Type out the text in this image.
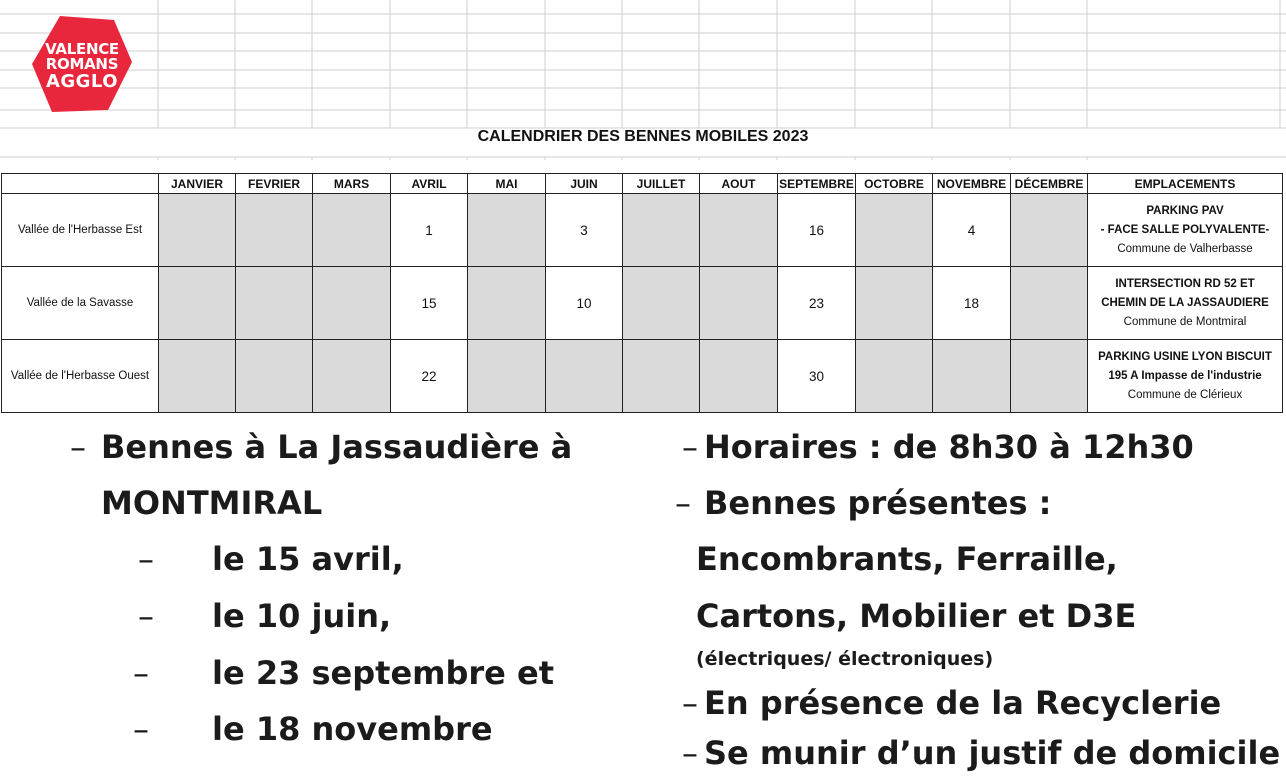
VALENCE
ROMANS
AGGLO
CALENDRIER DES BENNES MOBILES 2023
	JANVIER	FEVRIER	MARS	AVRIL	MAI	JUIN	JUILLET	AOUT	SEPTEMBRE	OCTOBRE	NOVEMBRE	DÉCEMBRE	EMPLACEMENTS
Vallée de l'Herbasse Est				1		3			16		4		PARKING PAV
- FACE SALLE POLYVALENTE-
Commune de Valherbasse

Vallée de la Savasse				15		10			23		18		INTERSECTION RD 52 ET
CHEMIN DE LA JASSAUDIERE
Commune de Montmiral

Vallée de l'Herbasse Ouest				22					30				PARKING USINE LYON BISCUIT
195 A Impasse de l'industrie
Commune de Clérieux
– Bennes à La Jassaudière à
MONTMIRAL
– le 15 avril,
– le 10 juin,
– le 23 septembre et
– le 18 novembre
– Horaires : de 8h30 à 12h30
– Bennes présentes :
Encombrants, Ferraille,
Cartons, Mobilier et D3E
(électriques/ électroniques)
– En présence de la Recyclerie
– Se munir d’un justif de domicile
